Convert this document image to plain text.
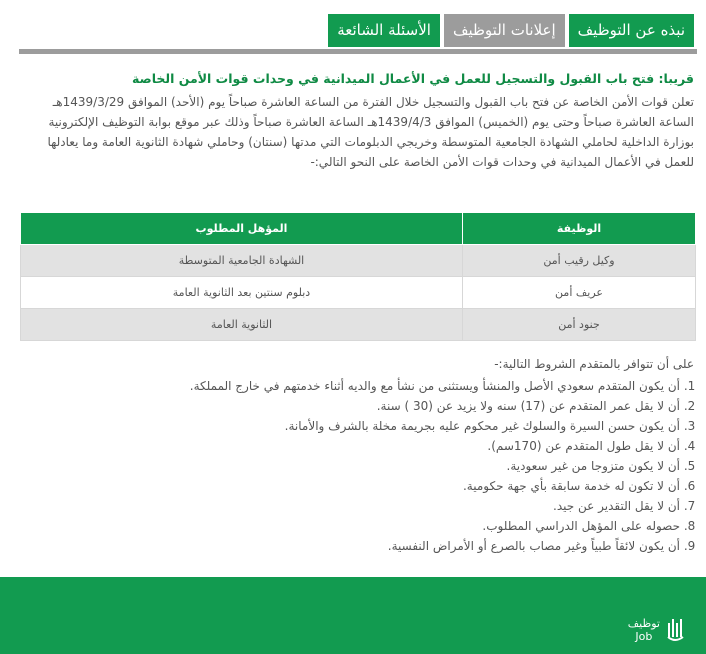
نبذه عن التوظيف
إعلانات التوظيف
الأسئلة الشائعة
قريبا: فتح باب القبول والتسجيل للعمل في الأعمال الميدانية في وحدات قوات الأمن الخاصة
تعلن قوات الأمن الخاصة عن فتح باب القبول والتسجيل خلال الفترة من الساعة العاشرة صباحاً يوم (الأحد) الموافق 1439/3/29هـ الساعة العاشرة صباحاً وحتى يوم (الخميس) الموافق 1439/4/3هـ الساعة العاشرة صباحاً وذلك عبر موقع بوابة التوظيف الإلكترونية بوزارة الداخلية لحاملي الشهادة الجامعية المتوسطة وخريجي الدبلومات التي مدتها (سنتان) وحاملي شهادة الثانوية العامة وما يعادلها للعمل في الأعمال الميدانية في وحدات قوات الأمن الخاصة على النحو التالي:-
الوظيفة	المؤهل المطلوب
وكيل رقيب أمن	الشهادة الجامعية المتوسطة
عريف أمن	دبلوم سنتين بعد الثانوية العامة
جنود أمن	الثانوية العامة
على أن تتوافر بالمتقدم الشروط التالية:-
1. أن يكون المتقدم سعودي الأصل والمنشأ ويستثنى من نشأ مع والديه أثناء خدمتهم في خارج المملكة.
2. أن لا يقل عمر المتقدم عن (17) سنه ولا يزيد عن (30 ) سنة.
3. أن يكون حسن السيرة والسلوك غير محكوم عليه بجريمة مخلة بالشرف والأمانة.
4. أن لا يقل طول المتقدم عن (170سم).
5. أن لا يكون متزوجا من غير سعودية.
6. أن لا تكون له خدمة سابقة بأي جهة حكومية.
7. أن لا يقل التقدير عن جيد.
8. حصوله على المؤهل الدراسي المطلوب.
9. أن يكون لائقاً طبياً وغير مصاب بالصرع أو الأمراض النفسية.
توظيف
Job
